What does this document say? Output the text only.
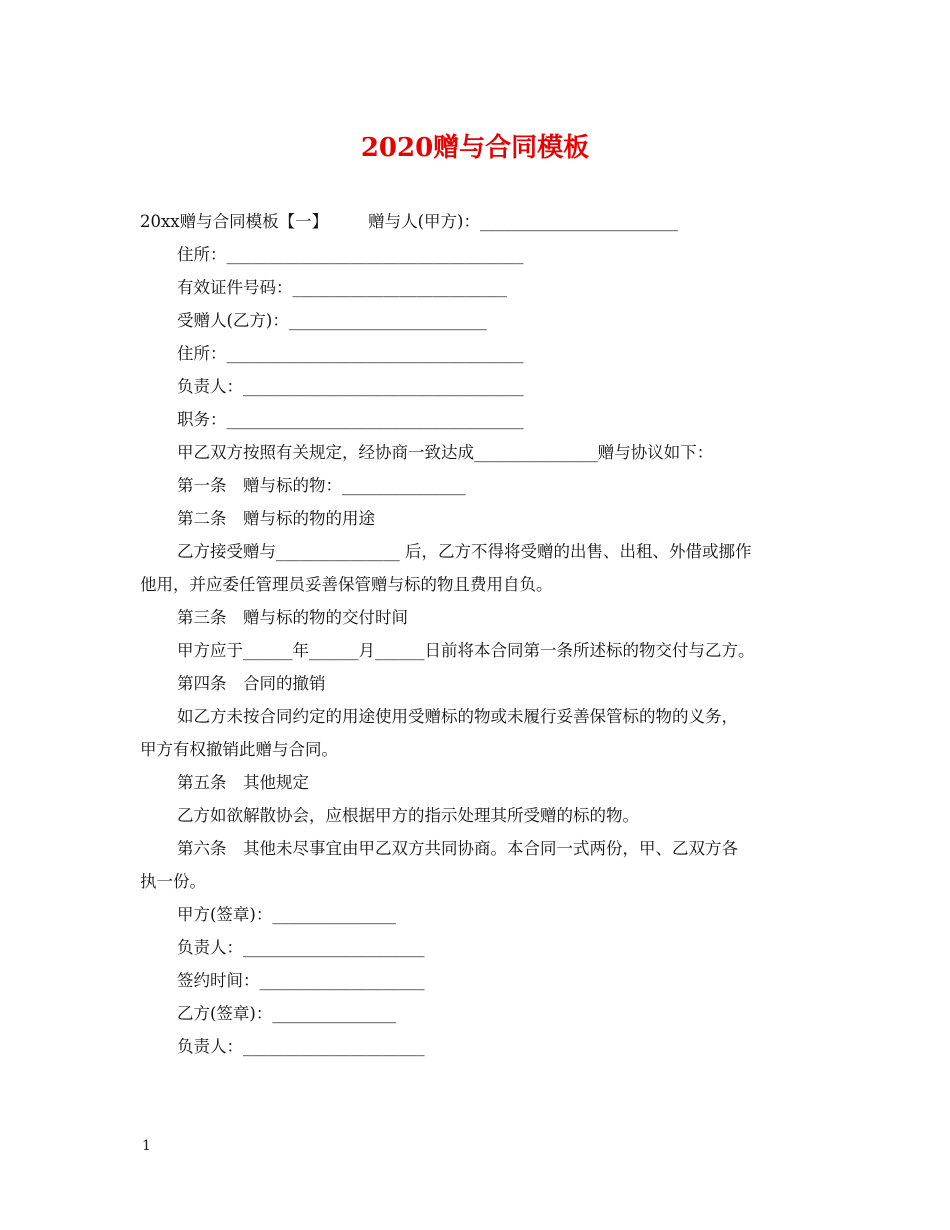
2020赠与合同模板
20xx赠与合同模板【一】 赠与人(甲方)：________________________
住所：____________________________________
有效证件号码：__________________________
受赠人(乙方)：________________________
住所：____________________________________
负责人：__________________________________
职务：____________________________________
甲乙双方按照有关规定，经协商一致达成_______________赠与协议如下：
第一条　赠与标的物：_______________
第二条　赠与标的物的用途
乙方接受赠与_______________ 后，乙方不得将受赠的出售、出租、外借或挪作
他用，并应委任管理员妥善保管赠与标的物且费用自负。
第三条　赠与标的物的交付时间
甲方应于______年______月______日前将本合同第一条所述标的物交付与乙方。
第四条　合同的撤销
如乙方未按合同约定的用途使用受赠标的物或未履行妥善保管标的物的义务，
甲方有权撤销此赠与合同。
第五条　其他规定
乙方如欲解散协会，应根据甲方的指示处理其所受赠的标的物。
第六条　其他未尽事宜由甲乙双方共同协商。本合同一式两份，甲、乙双方各
执一份。
甲方(签章)：_______________
负责人：______________________
签约时间：____________________
乙方(签章)：_______________
负责人：______________________
1
